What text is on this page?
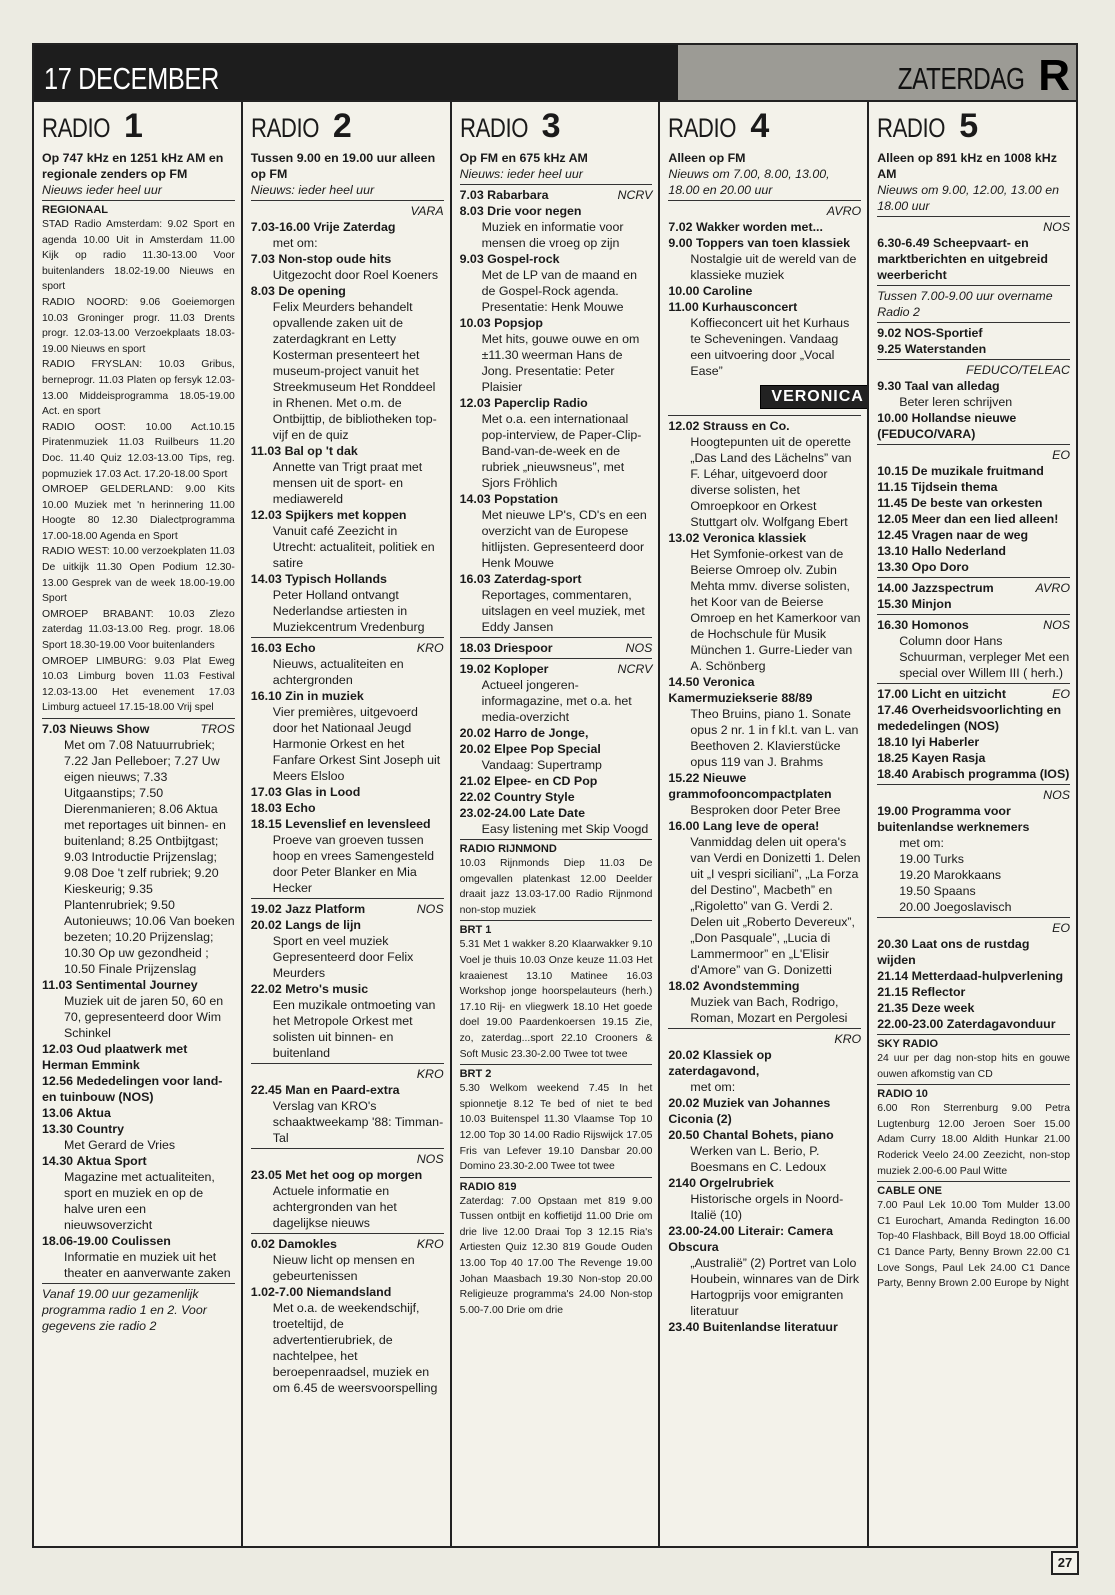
17 DECEMBER	ZATERDAG R
RADIO 1
Op 747 kHz en 1251 kHz AM en regionale zenders op FM
Nieuws ieder heel uur
REGIONAAL
STAD Radio Amsterdam: 9.02 Sport en agenda 10.00 Uit in Amsterdam 11.00 Kijk op radio 11.30-13.00 Voor buitenlanders 18.02-19.00 Nieuws en sport
RADIO NOORD: 9.06 Goeiemorgen 10.03 Groninger progr. 11.03 Drents progr. 12.03-13.00 Verzoekplaats 18.03-19.00 Nieuws en sport
RADIO FRYSLAN: 10.03 Gribus, berneprogr. 11.03 Platen op fersyk 12.03-13.00 Middeisprogramma 18.05-19.00 Act. en sport
RADIO OOST: 10.00 Act.10.15 Piratenmuziek 11.03 Ruilbeurs 11.20 Doc. 11.40 Quiz 12.03-13.00 Tips, reg. popmuziek 17.03 Act. 17.20-18.00 Sport
OMROEP GELDERLAND: 9.00 Kits 10.00 Muziek met 'n herinnering 11.00 Hoogte 80 12.30 Dialectprogramma 17.00-18.00 Agenda en Sport
RADIO WEST: 10.00 verzoekplaten 11.03 De uitkijk 11.30 Open Podium 12.30-13.00 Gesprek van de week 18.00-19.00 Sport
OMROEP BRABANT: 10.03 Zlezo zaterdag 11.03-13.00 Reg. progr. 18.06 Sport 18.30-19.00 Voor buitenlanders
OMROEP LIMBURG: 9.03 Plat Eweg 10.03 Limburg boven 11.03 Festival 12.03-13.00 Het evenement 17.03 Limburg actueel 17.15-18.00 Vrij spel
TROS
7.03 Nieuws Show
Met om 7.08 Natuurrubriek; 7.22 Jan Pelleboer; 7.27 Uw eigen nieuws; 7.33 Uitgaanstips; 7.50 Dierenmanieren; 8.06 Aktua met reportages uit binnen- en buitenland; 8.25 Ontbijtgast; 9.03 Introductie Prijzenslag; 9.08 Doe 't zelf rubriek; 9.20 Kieskeurig; 9.35 Plantenrubriek; 9.50 Autonieuws; 10.06 Van boeken bezeten; 10.20 Prijzenslag; 10.30 Op uw gezondheid ; 10.50 Finale Prijzenslag
11.03 Sentimental Journey
Muziek uit de jaren 50, 60 en 70, gepresenteerd door Wim Schinkel
12.03 Oud plaatwerk met Herman Emmink
12.56 Mededelingen voor land- en tuinbouw (NOS)
13.06 Aktua
13.30 Country
Met Gerard de Vries
14.30 Aktua Sport
Magazine met actualiteiten, sport en muziek en op de halve uren een nieuwsoverzicht
18.06-19.00 Coulissen
Informatie en muziek uit het theater en aanverwante zaken
Vanaf 19.00 uur gezamenlijk programma radio 1 en 2. Voor gegevens zie radio 2
RADIO 2
Tussen 9.00 en 19.00 uur alleen op FM
Nieuws: ieder heel uur
VARA
7.03-16.00 Vrije Zaterdag
met om:
7.03 Non-stop oude hits
Uitgezocht door Roel Koeners
8.03 De opening
Felix Meurders behandelt opvallende zaken uit de zaterdagkrant en Letty Kosterman presenteert het museum-project vanuit het Streekmuseum Het Ronddeel in Rhenen. Met o.m. de Ontbijttip, de bibliotheken top-vijf en de quiz
11.03 Bal op 't dak
Annette van Trigt praat met mensen uit de sport- en mediawereld
12.03 Spijkers met koppen
Vanuit café Zeezicht in Utrecht: actualiteit, politiek en satire
14.03 Typisch Hollands
Peter Holland ontvangt Nederlandse artiesten in Muziekcentrum Vredenburg
KRO
16.03 Echo
Nieuws, actualiteiten en achtergronden
16.10 Zin in muziek
Vier premières, uitgevoerd door het Nationaal Jeugd Harmonie Orkest en het Fanfare Orkest Sint Joseph uit Meers Elsloo
17.03 Glas in Lood
18.03 Echo
18.15 Levenslief en levensleed
Proeve van groeven tussen hoop en vrees Samengesteld door Peter Blanker en Mia Hecker
NOS
19.02 Jazz Platform
20.02 Langs de lijn
Sport en veel muziek Gepresenteerd door Felix Meurders
22.02 Metro's music
Een muzikale ontmoeting van het Metropole Orkest met solisten uit binnen- en buitenland
KRO
22.45 Man en Paard-extra
Verslag van KRO's schaaktweekamp '88: Timman-Tal
NOS
23.05 Met het oog op morgen
Actuele informatie en achtergronden van het dagelijkse nieuws
KRO
0.02 Damokles
Nieuw licht op mensen en gebeurtenissen
1.02-7.00 Niemandsland
Met o.a. de weekendschijf, troeteltijd, de advertentierubriek, de nachtelpee, het beroepenraadsel, muziek en om 6.45 de weersvoorspelling
RADIO 3
Op FM en 675 kHz AM
Nieuws: ieder heel uur
NCRV
7.03 Rabarbara
8.03 Drie voor negen
Muziek en informatie voor mensen die vroeg op zijn
9.03 Gospel-rock
Met de LP van de maand en de Gospel-Rock agenda. Presentatie: Henk Mouwe
10.03 Popsjop
Met hits, gouwe ouwe en om ±11.30 weerman Hans de Jong. Presentatie: Peter Plaisier
12.03 Paperclip Radio
Met o.a. een internationaal pop-interview, de Paper-Clip-Band-van-de-week en de rubriek „nieuwsneus”, met Sjors Fröhlich
14.03 Popstation
Met nieuwe LP's, CD's en een overzicht van de Europese hitlijsten. Gepresenteerd door Henk Mouwe
16.03 Zaterdag-sport
Reportages, commentaren, uitslagen en veel muziek, met Eddy Jansen
NOS
18.03 Driespoor
NCRV
19.02 Koploper
Actueel jongeren-informagazine, met o.a. het media-overzicht
20.02 Harro de Jonge,
20.02 Elpee Pop Special
Vandaag: Supertramp
21.02 Elpee- en CD Pop
22.02 Country Style
23.02-24.00 Late Date
Easy listening met Skip Voogd
RADIO RIJNMOND
10.03 Rijnmonds Diep 11.03 De omgevallen platenkast 12.00 Deelder draait jazz 13.03-17.00 Radio Rijnmond non-stop muziek
BRT 1
5.31 Met 1 wakker 8.20 Klaarwakker 9.10 Voel je thuis 10.03 Onze keuze 11.03 Het kraaienest 13.10 Matinee 16.03 Workshop jonge hoorspelauteurs (herh.) 17.10 Rij- en vliegwerk 18.10 Het goede doel 19.00 Paardenkoersen 19.15 Zie, zo, zaterdag...sport 22.10 Crooners & Soft Music 23.30-2.00 Twee tot twee
BRT 2
5.30 Welkom weekend 7.45 In het spionnetje 8.12 Te bed of niet te bed 10.03 Buitenspel 11.30 Vlaamse Top 10 12.00 Top 30 14.00 Radio Rijswijck 17.05 Fris van Lefever 19.10 Dansbar 20.00 Domino 23.30-2.00 Twee tot twee
RADIO 819
Zaterdag: 7.00 Opstaan met 819 9.00 Tussen ontbijt en koffietijd 11.00 Drie om drie live 12.00 Draai Top 3 12.15 Ria's Artiesten Quiz 12.30 819 Goude Ouden 13.00 Top 40 17.00 The Revenge 19.00 Johan Maasbach 19.30 Non-stop 20.00 Religieuze programma's 24.00 Non-stop 5.00-7.00 Drie om drie
RADIO 4
Alleen op FM
Nieuws om 7.00, 8.00, 13.00, 18.00 en 20.00 uur
AVRO
7.02 Wakker worden met...
9.00 Toppers van toen klassiek
Nostalgie uit de wereld van de klassieke muziek
10.00 Caroline
11.00 Kurhausconcert
Koffieconcert uit het Kurhaus te Scheveningen. Vandaag een uitvoering door „Vocal Ease”
VERONICA
12.02 Strauss en Co.
Hoogtepunten uit de operette „Das Land des Lächelns” van F. Léhar, uitgevoerd door diverse solisten, het Omroepkoor en Orkest Stuttgart olv. Wolfgang Ebert
13.02 Veronica klassiek
Het Symfonie-orkest van de Beierse Omroep olv. Zubin Mehta mmv. diverse solisten, het Koor van de Beierse Omroep en het Kamerkoor van de Hochschule für Musik München 1. Gurre-Lieder van A. Schönberg
14.50 Veronica Kamermuziekserie 88/89
Theo Bruins, piano 1. Sonate opus 2 nr. 1 in f kl.t. van L. van Beethoven 2. Klavierstücke opus 119 van J. Brahms
15.22 Nieuwe grammofooncompactplaten
Besproken door Peter Bree
16.00 Lang leve de opera!
Vanmiddag delen uit opera's van Verdi en Donizetti 1. Delen uit „I vespri siciliani”, „La Forza del Destino”, Macbeth” en „Rigoletto” van G. Verdi 2. Delen uit „Roberto Devereux”, „Don Pasquale”, „Lucia di Lammermoor” en „L'Elisir d'Amore” van G. Donizetti
18.02 Avondstemming
Muziek van Bach, Rodrigo, Roman, Mozart en Pergolesi
KRO
20.02 Klassiek op zaterdagavond,
met om:
20.02 Muziek van Johannes Ciconia (2)
20.50 Chantal Bohets, piano
Werken van L. Berio, P. Boesmans en C. Ledoux
2140 Orgelrubriek
Historische orgels in Noord-Italië (10)
23.00-24.00 Literair: Camera Obscura
„Australië” (2) Portret van Lolo Houbein, winnares van de Dirk Hartogprijs voor emigranten literatuur
23.40 Buitenlandse literatuur
RADIO 5
Alleen op 891 kHz en 1008 kHz AM
Nieuws om 9.00, 12.00, 13.00 en 18.00 uur
NOS
6.30-6.49 Scheepvaart- en marktberichten en uitgebreid weerbericht
Tussen 7.00-9.00 uur overname Radio 2
9.02 NOS-Sportief
9.25 Waterstanden
FEDUCO/TELEAC
9.30 Taal van alledag
Beter leren schrijven
10.00 Hollandse nieuwe (FEDUCO/VARA)
EO
10.15 De muzikale fruitmand
11.15 Tijdsein thema
11.45 De beste van orkesten
12.05 Meer dan een lied alleen!
12.45 Vragen naar de weg
13.10 Hallo Nederland
13.30 Opo Doro
AVRO
14.00 Jazzspectrum
15.30 Minjon
NOS
16.30 Homonos
Column door Hans Schuurman, verpleger Met een special over Willem III ( herh.)
EO
17.00 Licht en uitzicht
17.46 Overheidsvoorlichting en mededelingen (NOS)
18.10 Iyi Haberler
18.25 Kayen Rasja
18.40 Arabisch programma (IOS)
NOS
19.00 Programma voor buitenlandse werknemers
met om:
19.00 Turks
19.20 Marokkaans
19.50 Spaans
20.00 Joegoslavisch
EO
20.30 Laat ons de rustdag wijden
21.14 Metterdaad-hulpverlening
21.15 Reflector
21.35 Deze week
22.00-23.00 Zaterdagavonduur
SKY RADIO
24 uur per dag non-stop hits en gouwe ouwen afkomstig van CD
RADIO 10
6.00 Ron Sterrenburg 9.00 Petra Lugtenburg 12.00 Jeroen Soer 15.00 Adam Curry 18.00 Aldith Hunkar 21.00 Roderick Veelo 24.00 Zeezicht, non-stop muziek 2.00-6.00 Paul Witte
CABLE ONE
7.00 Paul Lek 10.00 Tom Mulder 13.00 C1 Eurochart, Amanda Redington 16.00 Top-40 Flashback, Bill Boyd 18.00 Official C1 Dance Party, Benny Brown 22.00 C1 Love Songs, Paul Lek 24.00 C1 Dance Party, Benny Brown 2.00 Europe by Night
27
